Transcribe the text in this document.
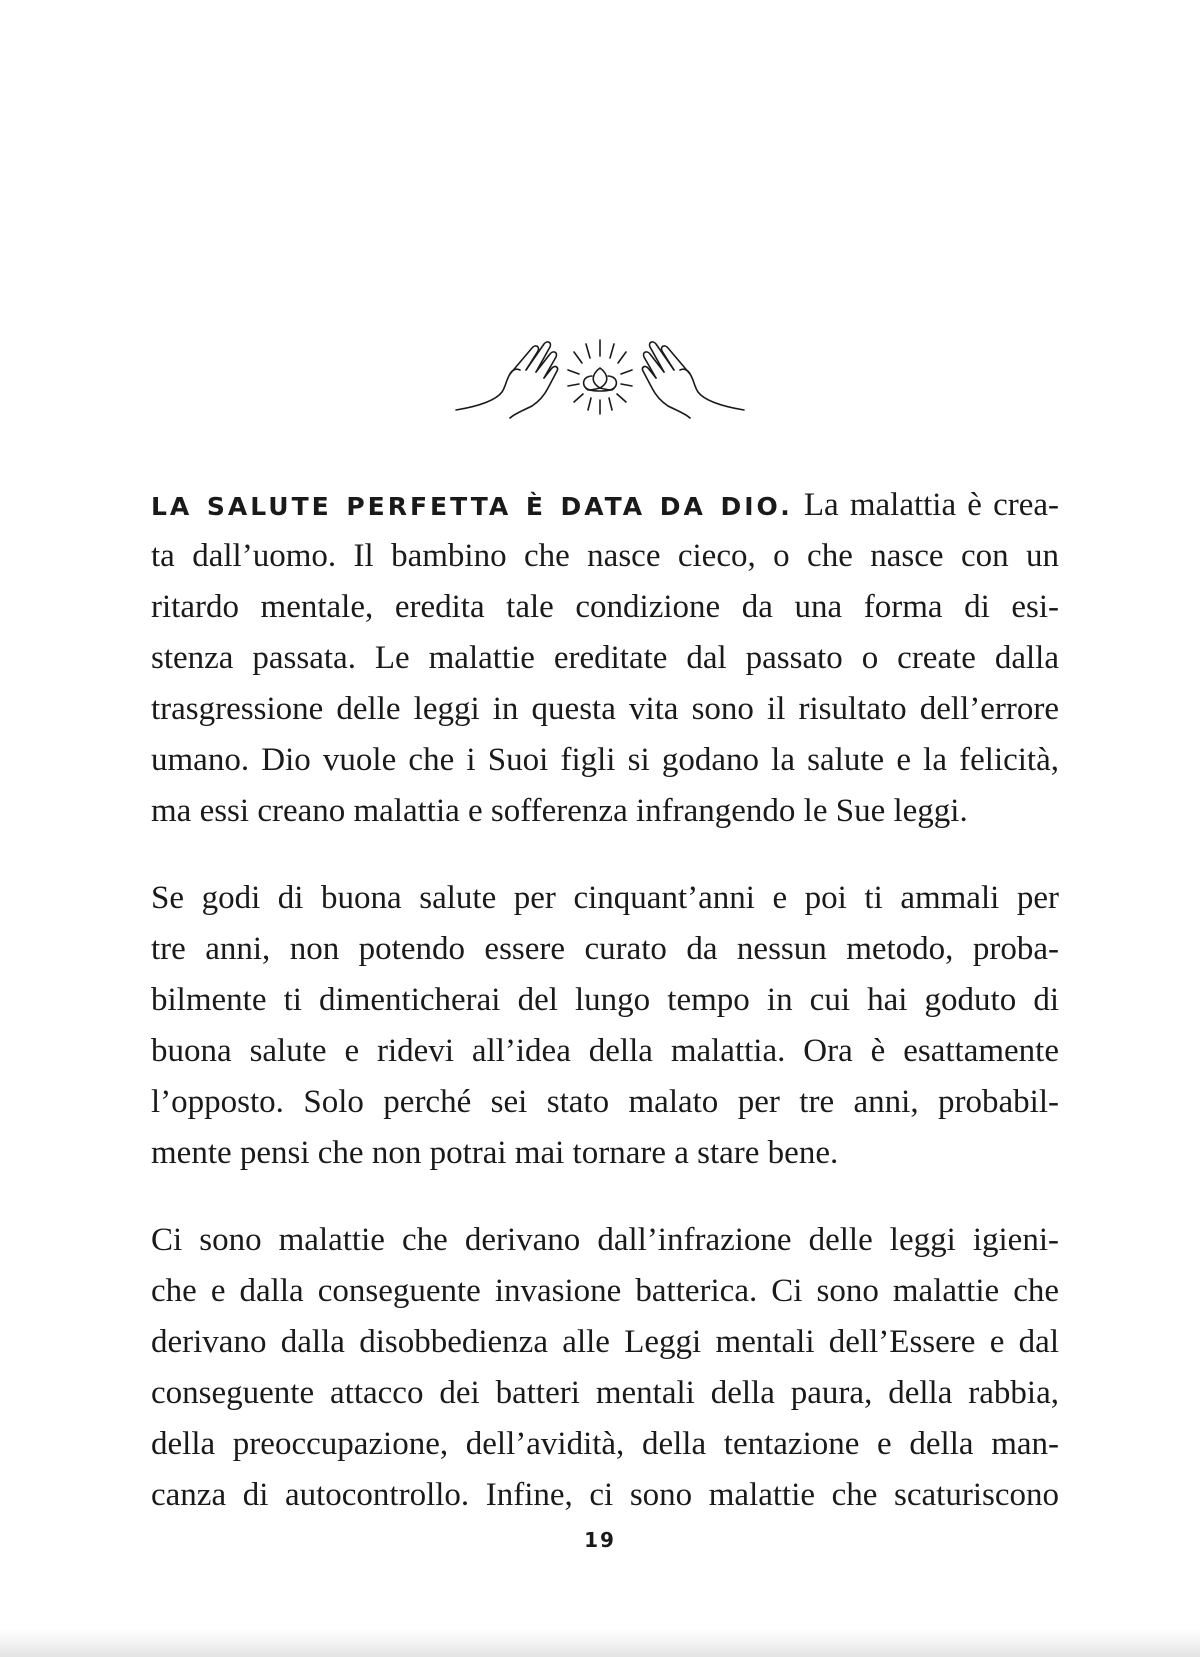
LA SALUTE PERFETTA È DATA DA DIO. La malattia è crea-
ta dall’uomo. Il bambino che nasce cieco, o che nasce con un
ritardo mentale, eredita tale condizione da una forma di esi-
stenza passata. Le malattie ereditate dal passato o create dalla
trasgressione delle leggi in questa vita sono il risultato dell’errore
umano. Dio vuole che i Suoi figli si godano la salute e la felicità,
ma essi creano malattia e sofferenza infrangendo le Sue leggi.
Se godi di buona salute per cinquant’anni e poi ti ammali per
tre anni, non potendo essere curato da nessun metodo, proba-
bilmente ti dimenticherai del lungo tempo in cui hai goduto di
buona salute e ridevi all’idea della malattia. Ora è esattamente
l’opposto. Solo perché sei stato malato per tre anni, probabil-
mente pensi che non potrai mai tornare a stare bene.
Ci sono malattie che derivano dall’infrazione delle leggi igieni-
che e dalla conseguente invasione batterica. Ci sono malattie che
derivano dalla disobbedienza alle Leggi mentali dell’Essere e dal
conseguente attacco dei batteri mentali della paura, della rabbia,
della preoccupazione, dell’avidità, della tentazione e della man-
canza di autocontrollo. Infine, ci sono malattie che scaturiscono
19
